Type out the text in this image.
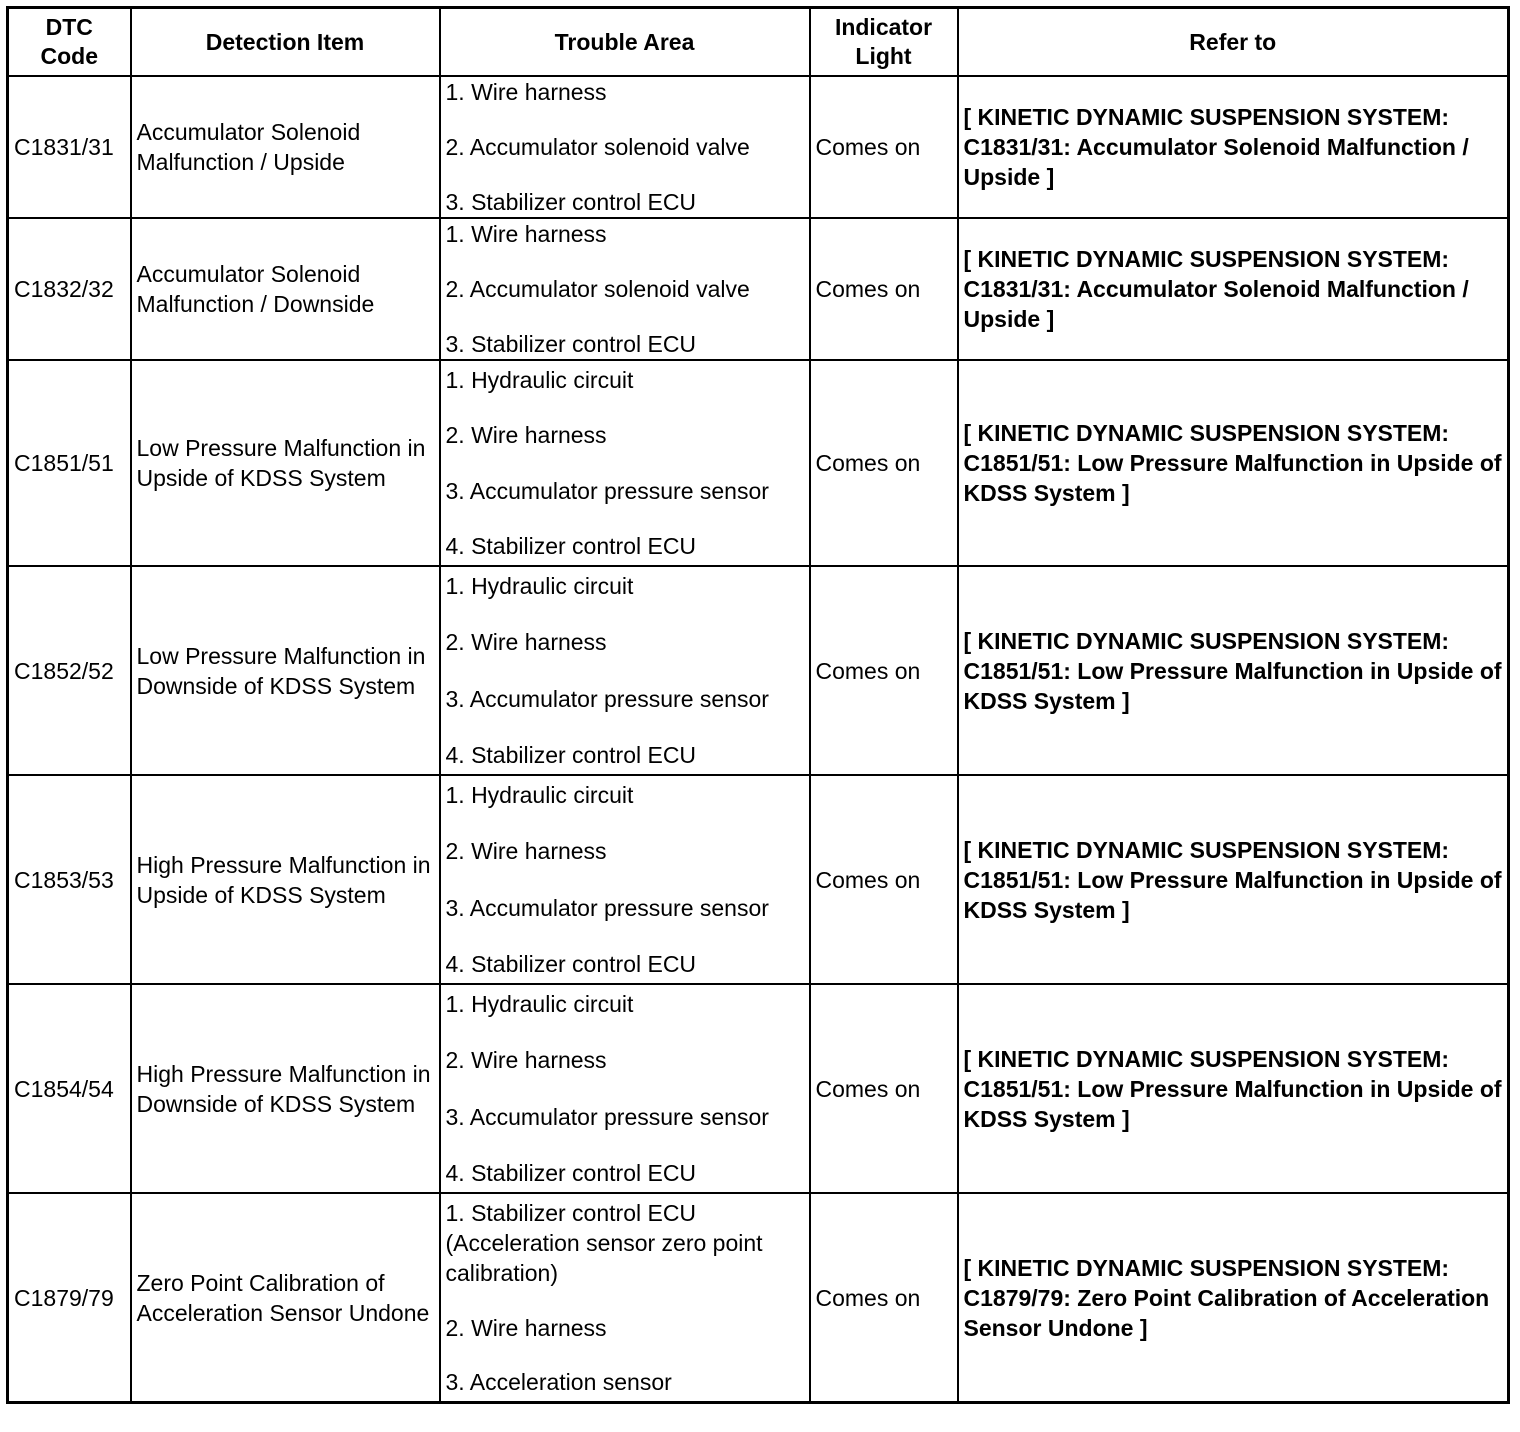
DTC
Code	Detection Item	Trouble Area	Indicator
Light	Refer to
C1831/31	Accumulator Solenoid Malfunction / Upside	1. Wire harness
2. Accumulator solenoid valve
3. Stabilizer control ECU	Comes on	[ KINETIC DYNAMIC SUSPENSION SYSTEM: C1831/31: Accumulator Solenoid Malfunction / Upside ]
C1832/32	Accumulator Solenoid Malfunction / Downside	1. Wire harness
2. Accumulator solenoid valve
3. Stabilizer control ECU	Comes on	[ KINETIC DYNAMIC SUSPENSION SYSTEM: C1831/31: Accumulator Solenoid Malfunction / Upside ]
C1851/51	Low Pressure Malfunction in Upside of KDSS System	1. Hydraulic circuit
2. Wire harness
3. Accumulator pressure sensor
4. Stabilizer control ECU	Comes on	[ KINETIC DYNAMIC SUSPENSION SYSTEM: C1851/51: Low Pressure Malfunction in Upside of KDSS System ]
C1852/52	Low Pressure Malfunction in Downside of KDSS System	1. Hydraulic circuit
2. Wire harness
3. Accumulator pressure sensor
4. Stabilizer control ECU	Comes on	[ KINETIC DYNAMIC SUSPENSION SYSTEM: C1851/51: Low Pressure Malfunction in Upside of KDSS System ]
C1853/53	High Pressure Malfunction in Upside of KDSS System	1. Hydraulic circuit
2. Wire harness
3. Accumulator pressure sensor
4. Stabilizer control ECU	Comes on	[ KINETIC DYNAMIC SUSPENSION SYSTEM: C1851/51: Low Pressure Malfunction in Upside of KDSS System ]
C1854/54	High Pressure Malfunction in Downside of KDSS System	1. Hydraulic circuit
2. Wire harness
3. Accumulator pressure sensor
4. Stabilizer control ECU	Comes on	[ KINETIC DYNAMIC SUSPENSION SYSTEM: C1851/51: Low Pressure Malfunction in Upside of KDSS System ]
C1879/79	Zero Point Calibration of Acceleration Sensor Undone	1. Stabilizer control ECU (Acceleration sensor zero point calibration)
2. Wire harness
3. Acceleration sensor	Comes on	[ KINETIC DYNAMIC SUSPENSION SYSTEM: C1879/79: Zero Point Calibration of Acceleration Sensor Undone ]
